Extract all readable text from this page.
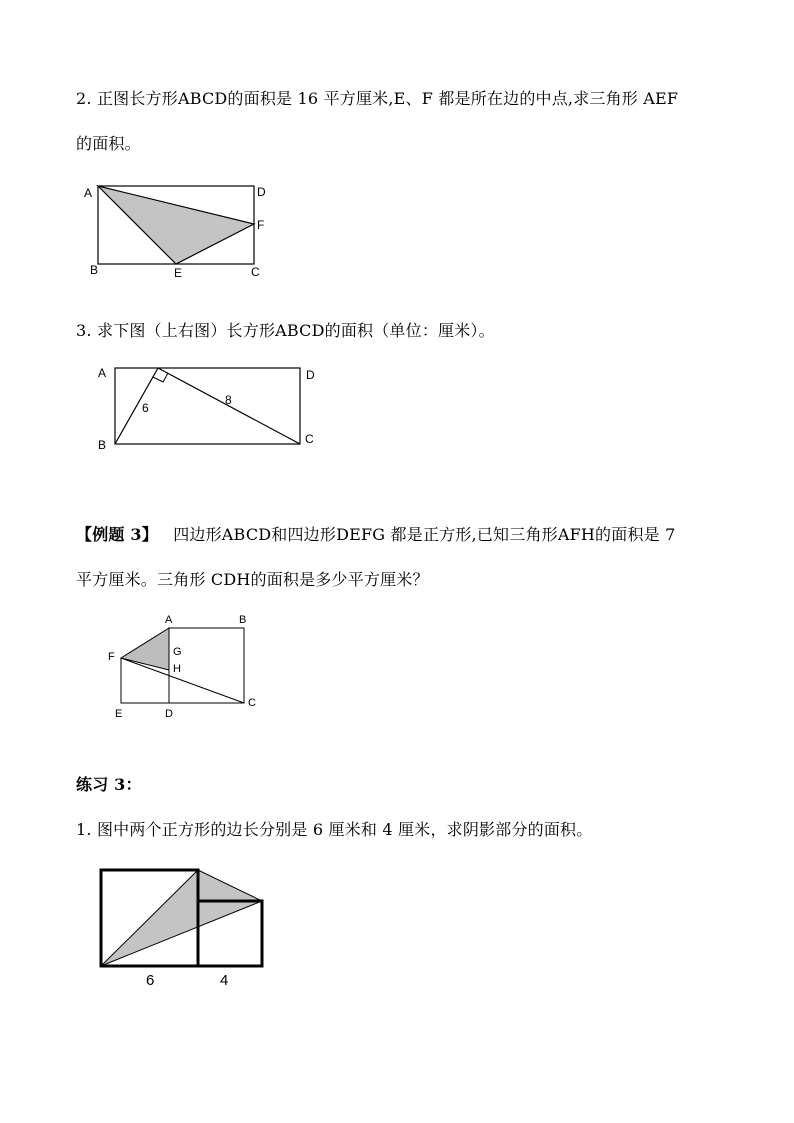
2. 正图长方形ABCD的面积是 16 平方厘米,E、F 都是所在边的中点,求三角形 AEF
的面积。
A	D
F
B	E	C
3. 求下图（上右图）长方形ABCD的面积（单位：厘米）。
A	D
B	C
6
8
【例题 3】 四边形ABCD和四边形DEFG 都是正方形,已知三角形AFH的面积是 7
平方厘米。三角形 CDH的面积是多少平方厘米？
A	B
F	G
H
C
E	D
练习 3：
1. 图中两个正方形的边长分别是 6 厘米和 4 厘米，求阴影部分的面积。
6	4
